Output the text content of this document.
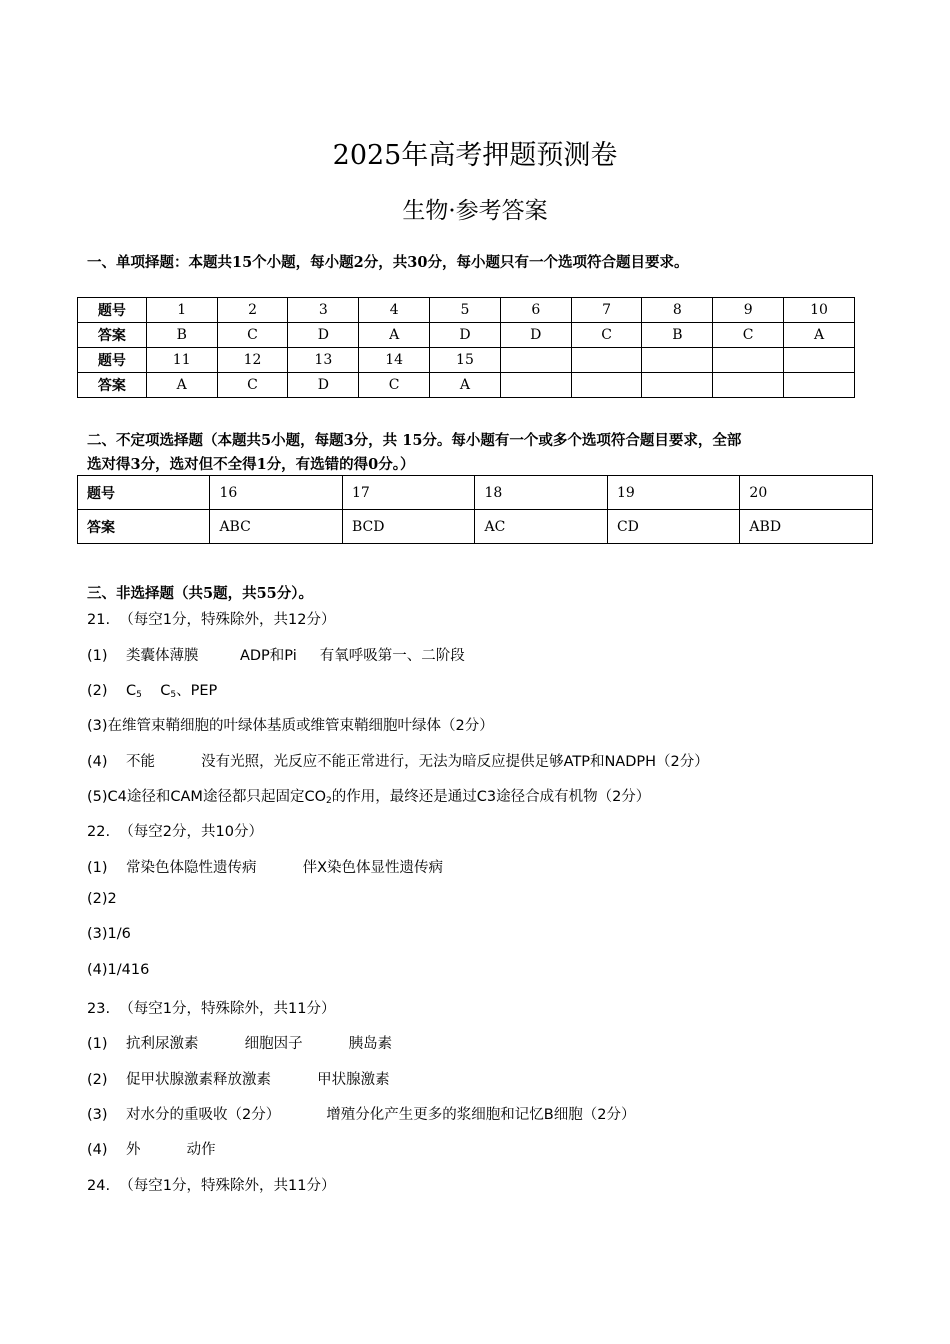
2025年高考押题预测卷
生物·参考答案
一、单项择题：本题共15个小题，每小题2分，共30分，每小题只有一个选项符合题目要求。
题号	1	2	3	4	5	6	7	8	9	10
答案	B	C	D	A	D	D	C	B	C	A
题号	11	12	13	14	15					
答案	A	C	D	C	A					
二、不定项选择题（本题共5小题，每题3分，共 15分。每小题有一个或多个选项符合题目要求，全部
选对得3分，选对但不全得1分，有选错的得0分。）
题号	16	17	18	19	20
答案	ABC	BCD	AC	CD	ABD
三、非选择题（共5题，共55分）。
21.  （每空1分，特殊除外，共12分）
(1)    类囊体薄膜         ADP和Pi     有氧呼吸第一、二阶段
(2)    $C_5$    $C_5$、PEP
(3)在维管束鞘细胞的叶绿体基质或维管束鞘细胞叶绿体（2分）
(4)    不能          没有光照，光反应不能正常进行，无法为暗反应提供足够ATP和NADPH（2分）
(5)C4途径和CAM途径都只起固定$CO_2$的作用，最终还是通过C3途径合成有机物（2分）
22.  （每空2分，共10分）
(1)    常染色体隐性遗传病          伴X染色体显性遗传病
(2)2
(3)1/6
(4)1/416
23.  （每空1分，特殊除外，共11分）
(1)    抗利尿激素          细胞因子          胰岛素
(2)    促甲状腺激素释放激素          甲状腺激素
(3)    对水分的重吸收（2分）          增殖分化产生更多的浆细胞和记忆B细胞（2分）
(4)    外          动作
24.  （每空1分，特殊除外，共11分）
